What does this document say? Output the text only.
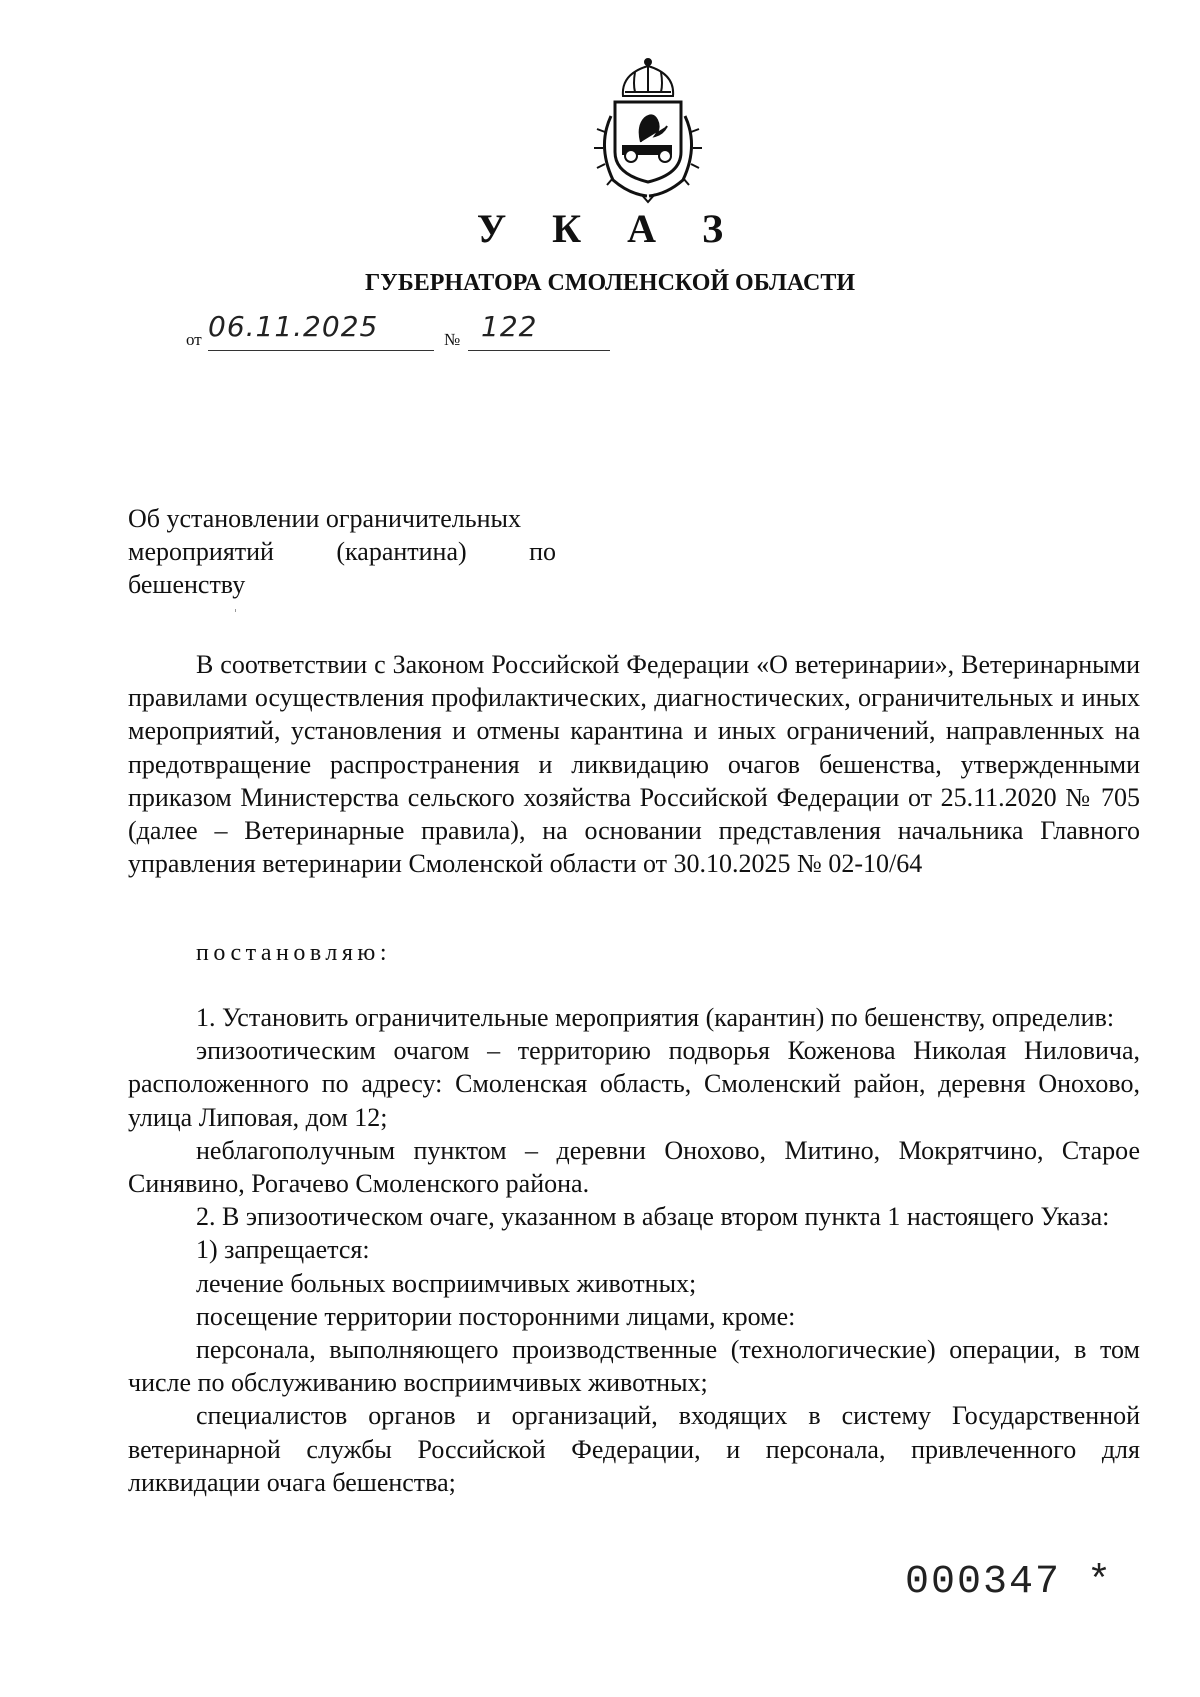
У К А З
ГУБЕРНАТОРА СМОЛЕНСКОЙ ОБЛАСТИ
от 06.11.2025	№ 122
Об установлении ограничительных
мероприятий (карантина) по
бешенству

В соответствии с Законом Российской Федерации «О ветеринарии», Ветеринарными правилами осуществления профилактических, диагностических, ограничительных и иных мероприятий, установления и отмены карантина и иных ограничений, направленных на предотвращение распространения и ликвидацию очагов бешенства, утвержденными приказом Министерства сельского хозяйства Российской Федерации от 25.11.2020 № 705 (далее – Ветеринарные правила), на основании представления начальника Главного управления ветеринарии Смоленской области от 30.10.2025 № 02-10/64

постановляю:

1. Установить ограничительные мероприятия (карантин) по бешенству, определив:

эпизоотическим очагом – территорию подворья Коженова Николая Ниловича, расположенного по адресу: Смоленская область, Смоленский район, деревня Онохово, улица Липовая, дом 12;

неблагополучным пунктом – деревни Онохово, Митино, Мокрятчино, Старое Синявино, Рогачево Смоленского района.

2. В эпизоотическом очаге, указанном в абзаце втором пункта 1 настоящего Указа:

1) запрещается:

лечение больных восприимчивых животных;

посещение территории посторонними лицами, кроме:

персонала, выполняющего производственные (технологические) операции, в том числе по обслуживанию восприимчивых животных;

специалистов органов и организаций, входящих в систему Государственной ветеринарной службы Российской Федерации, и персонала, привлеченного для ликвидации очага бешенства;

000347 *
